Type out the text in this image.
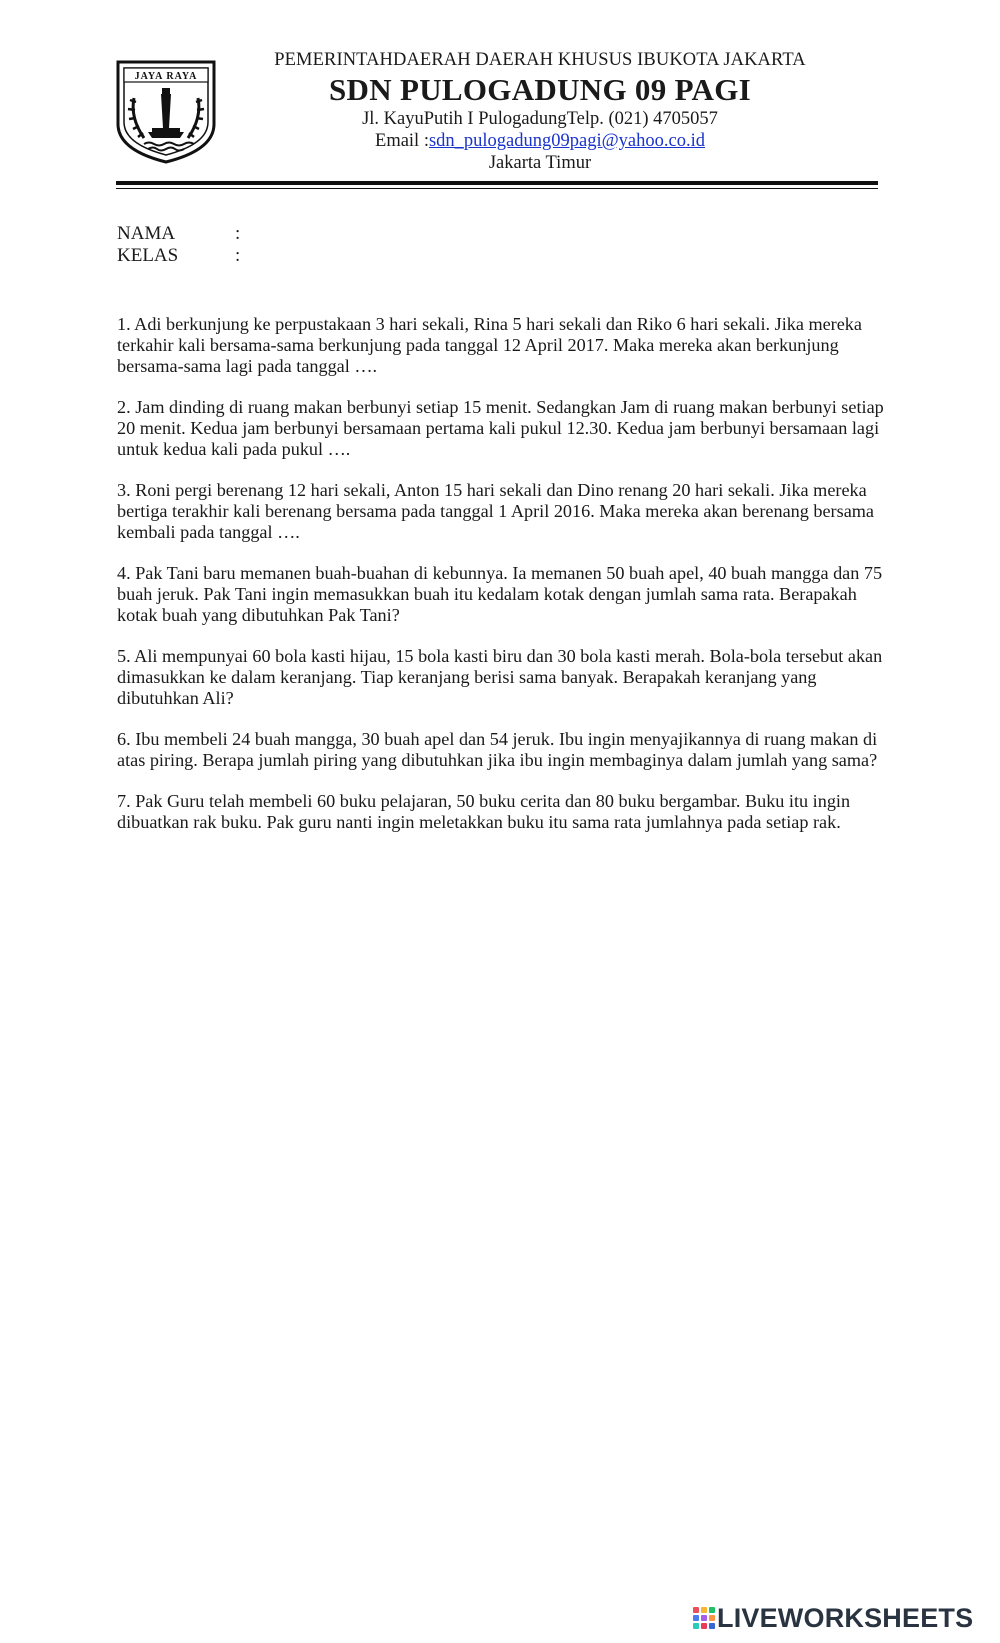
JAYA RAYA
PEMERINTAHDAERAH DAERAH KHUSUS IBUKOTA JAKARTA
SDN PULOGADUNG 09 PAGI
Jl. KayuPutih I PulogadungTelp. (021) 4705057
Email :sdn_pulogadung09pagi@yahoo.co.id
Jakarta Timur
NAMA	:
KELAS	:

1. Adi berkunjung ke perpustakaan 3 hari sekali, Rina 5 hari sekali dan Riko 6 hari sekali. Jika mereka terkahir kali bersama-sama berkunjung pada tanggal 12 April 2017. Maka mereka akan berkunjung bersama-sama lagi pada tanggal ….

2. Jam dinding di ruang makan berbunyi setiap 15 menit. Sedangkan Jam di ruang makan berbunyi setiap 20 menit. Kedua jam berbunyi bersamaan pertama kali pukul 12.30. Kedua jam berbunyi bersamaan lagi untuk kedua kali pada pukul ….

3. Roni pergi berenang 12 hari sekali, Anton 15 hari sekali dan Dino renang 20 hari sekali. Jika mereka bertiga terakhir kali berenang bersama pada tanggal 1 April 2016. Maka mereka akan berenang bersama kembali pada tanggal ….

4. Pak Tani baru memanen buah-buahan di kebunnya. Ia memanen 50 buah apel, 40 buah mangga dan 75 buah jeruk. Pak Tani ingin memasukkan buah itu kedalam kotak dengan jumlah sama rata. Berapakah kotak buah yang dibutuhkan Pak Tani?

5. Ali mempunyai 60 bola kasti hijau, 15 bola kasti biru dan 30 bola kasti merah. Bola-bola tersebut akan dimasukkan ke dalam keranjang. Tiap keranjang berisi sama banyak. Berapakah keranjang yang dibutuhkan Ali?

6. Ibu membeli 24 buah mangga, 30 buah apel dan 54 jeruk. Ibu ingin menyajikannya di ruang makan di atas piring. Berapa jumlah piring yang dibutuhkan jika ibu ingin membaginya dalam jumlah yang sama?

7. Pak Guru telah membeli 60 buku pelajaran, 50 buku cerita dan 80 buku bergambar. Buku itu ingin dibuatkan rak buku. Pak guru nanti ingin meletakkan buku itu sama rata jumlahnya pada setiap rak.

LIVEWORKSHEETS
